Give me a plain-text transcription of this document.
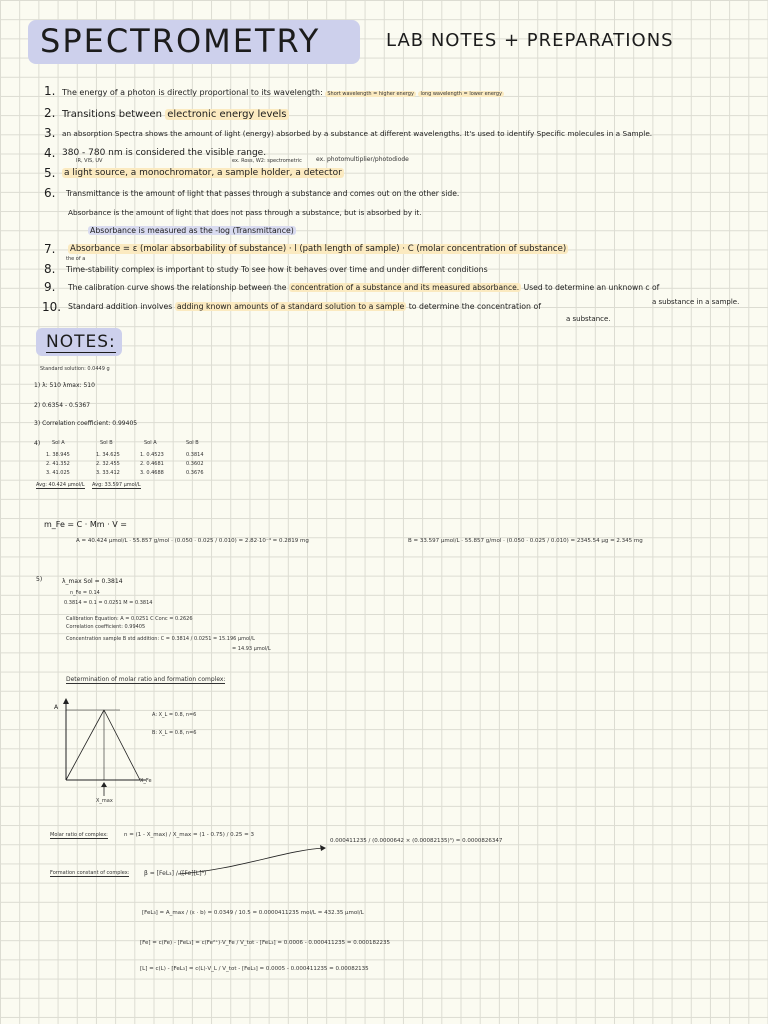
SPECTROMETRY	LAB NOTES + PREPARATIONS
1. The energy of a photon is directly proportional to its wavelength: Short wavelength = higher energy long wavelength = lower energy
2. Transitions between electronic energy levels
3. an absorption Spectra shows the amount of light (energy) absorbed by a substance at different wavelengths. It's used to identify Specific molecules in a Sample.
4. 380 - 780 nm is considered the visible range.
IR, VIS, UV	ex. Ross, W2: spectrometric ex. photomultiplier/photodiode
5. a light source, a monochromator, a sample holder, a detector
6. Transmittance is the amount of light that passes through a substance and comes out on the other side.
Absorbance is the amount of light that does not pass through a substance, but is absorbed by it.
Absorbance is measured as the -log (Transmittance)
7. Absorbance = ε (molar absorbability of substance) · l (path length of sample) · C (molar concentration of substance)
8.
the of a
Time-stability complex is important to study To see how it behaves over time and under different conditions
9. The calibration curve shows the relationship between the concentration of a substance and its measured absorbance. Used to determine an unknown c of
a substance in a sample.
10. Standard addition involves adding known amounts of a standard solution to a sample to determine the concentration of
a substance.
NOTES:
Standard solution: 0.0449 g
1) λ: 510 λmax: 510
2) 0.6354 - 0.5367
3) Correlation coefficient: 0.99405
4) Sol A	Sol B	Sol A	Sol B
1. 38.945	1. 34.625	1. 0.4523	0.3814
2. 41.352	2. 32.455	2. 0.4681	0.3602
3. 41.025	3. 33.412	3. 0.4688	0.3676
Avg: 40.424 μmol/L Avg: 33.597 μmol/L
m_Fe = C · Mm · V =
A = 40.424 μmol/L · 55.857 g/mol · (0.050 · 0.025 / 0.010) = 2.82·10⁻⁴ = 0.2819 mg	B = 33.597 μmol/L · 55.857 g/mol · (0.050 · 0.025 / 0.010) = 2345.54 μg = 2.345 mg
5)	λ_max Sol = 0.3814
n_Fe = 0.14
0.3814 = 0.1 = 0.0251 M = 0.3814
Calibration Equation: A = 0.0251 C Conc = 0.2626
Correlation coefficient: 0.99405
Concentration sample B std addition: C = 0.3814 / 0.0251 = 15.196 μmol/L
= 14.93 μmol/L
Determination of molar ratio and formation complex:
A
X_Fe
X_max
A: X_L = 0.8, n=6
B: X_L = 0.8, n=6
Molar ratio of complex:	n = (1 - X_max) / X_max = (1 - 0.75) / 0.25 = 3
Formation constant of complex: β = [FeL₃] / ([Fe][L]³)
0.000411235 / (0.0000642 × (0.00082135)³) = 0.0000826347
[FeL₃] = A_max / (ε · b) = 0.0349 / 10.5 = 0.0000411235 mol/L = 432.35 μmol/L
[Fe] = c(Fe) - [FeL₃] = c(Fe²⁺)·V_Fe / V_tot - [FeL₃] = 0.0006 - 0.000411235 = 0.000182235
[L] = c(L) - [FeL₃] = c(L)·V_L / V_tot - [FeL₃] = 0.0005 - 0.000411235 = 0.00082135
